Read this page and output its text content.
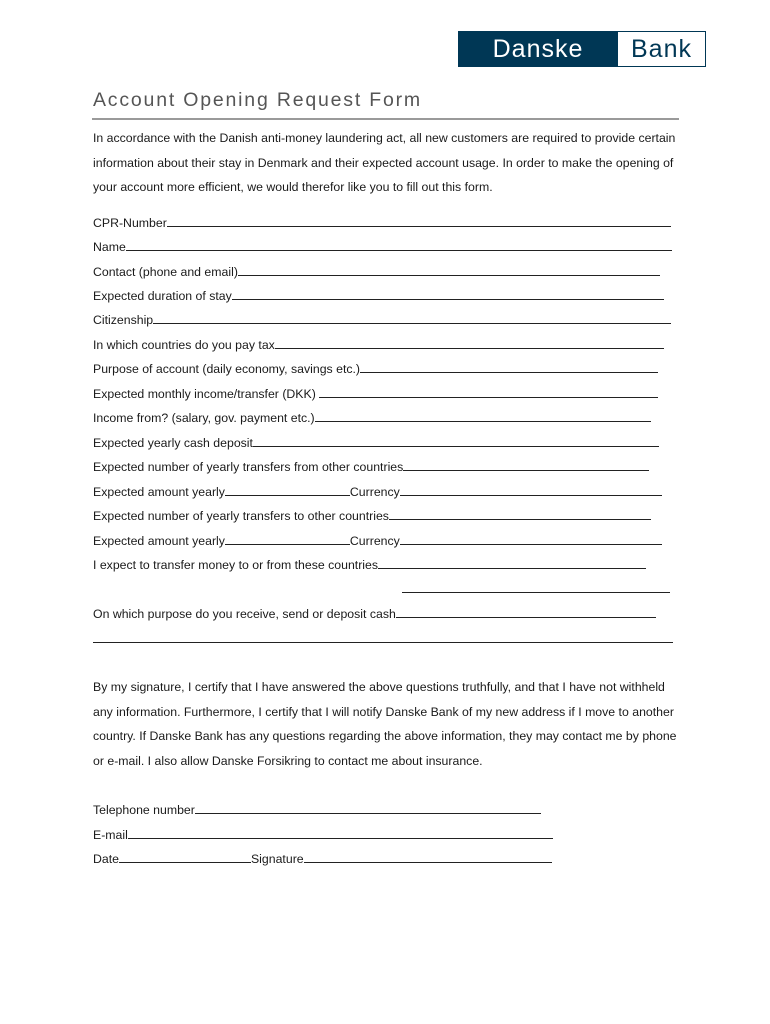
Danske	Bank
Account Opening Request Form

In accordance with the Danish anti-money laundering act, all new customers are required to provide certain information about their stay in Denmark and their expected account usage. In order to make the opening of your account more efficient, we would therefor like you to fill out this form.

CPR-Number
Name
Contact (phone and email)
Expected duration of stay
Citizenship
In which countries do you pay tax
Purpose of account (daily economy, savings etc.)
Expected monthly income/transfer (DKK)
Income from? (salary, gov. payment etc.)
Expected yearly cash deposit
Expected number of yearly transfers from other countries
Expected amount yearly	Currency
Expected number of yearly transfers to other countries
Expected amount yearly	Currency
I expect to transfer money to or from these countries
On which purpose do you receive, send or deposit cash

By my signature, I certify that I have answered the above questions truthfully, and that I have not withheld any information. Furthermore, I certify that I will notify Danske Bank of my new address if I move to another country. If Danske Bank has any questions regarding the above information, they may contact me by phone or e-mail. I also allow Danske Forsikring to contact me about insurance.

Telephone number
E-mail
Date	Signature
